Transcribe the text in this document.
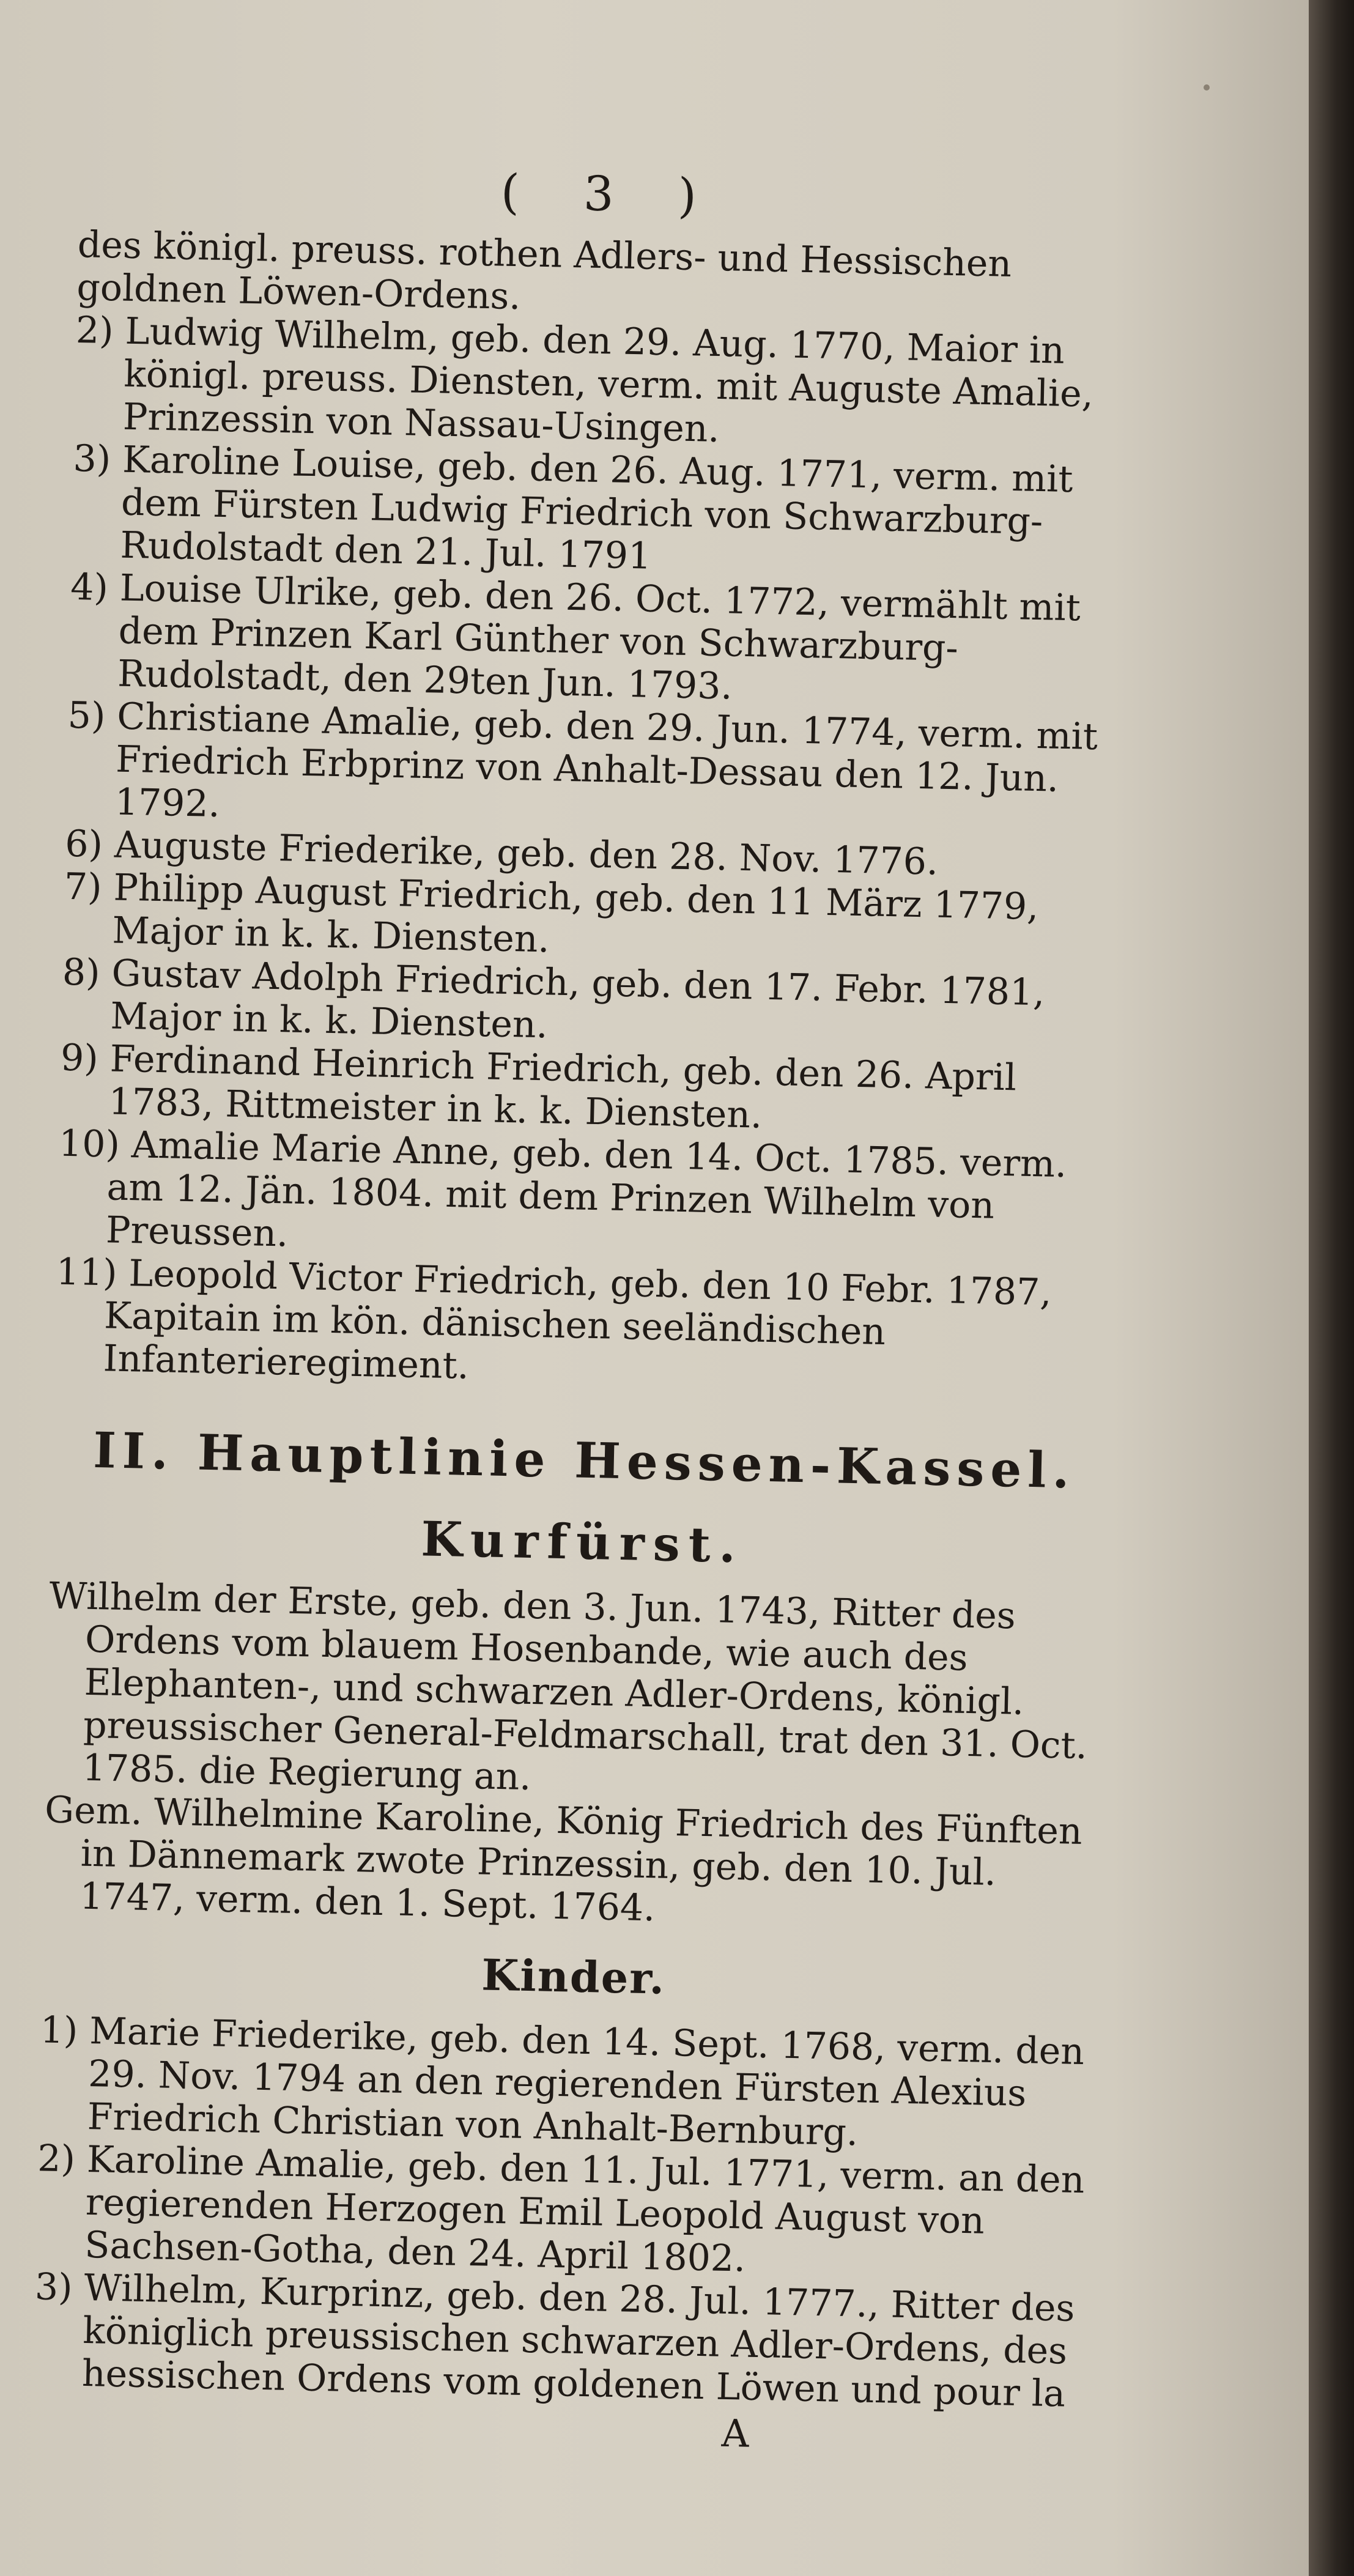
( 3 )

des königl. preuss. rothen Adlers- und Hessischen goldnen Löwen-Ordens.

2) Ludwig Wilhelm, geb. den 29. Aug. 1770, Maior in königl. preuss. Diensten, verm. mit Auguste Amalie, Prinzessin von Nassau-Usingen.

3) Karoline Louise, geb. den 26. Aug. 1771, verm. mit dem Fürsten Ludwig Friedrich von Schwarzburg-Rudolstadt den 21. Jul. 1791

4) Louise Ulrike, geb. den 26. Oct. 1772, vermählt mit dem Prinzen Karl Günther von Schwarzburg-Rudolstadt, den 29ten Jun. 1793.

5) Christiane Amalie, geb. den 29. Jun. 1774, verm. mit Friedrich Erbprinz von Anhalt-Dessau den 12. Jun. 1792.

6) Auguste Friederike, geb. den 28. Nov. 1776.

7) Philipp August Friedrich, geb. den 11 März 1779, Major in k. k. Diensten.

8) Gustav Adolph Friedrich, geb. den 17. Febr. 1781, Major in k. k. Diensten.

9) Ferdinand Heinrich Friedrich, geb. den 26. April 1783, Rittmeister in k. k. Diensten.

10) Amalie Marie Anne, geb. den 14. Oct. 1785. verm. am 12. Jän. 1804. mit dem Prinzen Wilhelm von Preussen.

11) Leopold Victor Friedrich, geb. den 10 Febr. 1787, Kapitain im kön. dänischen seeländischen Infanterieregiment.

II. Hauptlinie Hessen-Kassel.
Kurfürst.

Wilhelm der Erste, geb. den 3. Jun. 1743, Ritter des Ordens vom blauem Hosenbande, wie auch des Elephanten-, und schwarzen Adler-Ordens, königl. preussischer General-Feldmarschall, trat den 31. Oct. 1785. die Regierung an.

Gem. Wilhelmine Karoline, König Friedrich des Fünften in Dännemark zwote Prinzessin, geb. den 10. Jul. 1747, verm. den 1. Sept. 1764.

Kinder.

1) Marie Friederike, geb. den 14. Sept. 1768, verm. den 29. Nov. 1794 an den regierenden Fürsten Alexius Friedrich Christian von Anhalt-Bernburg.

2) Karoline Amalie, geb. den 11. Jul. 1771, verm. an den regierenden Herzogen Emil Leopold August von Sachsen-Gotha, den 24. April 1802.

3) Wilhelm, Kurprinz, geb. den 28. Jul. 1777., Ritter des königlich preussischen schwarzen Adler-Ordens, des hessischen Ordens vom goldenen Löwen und pour la

A
